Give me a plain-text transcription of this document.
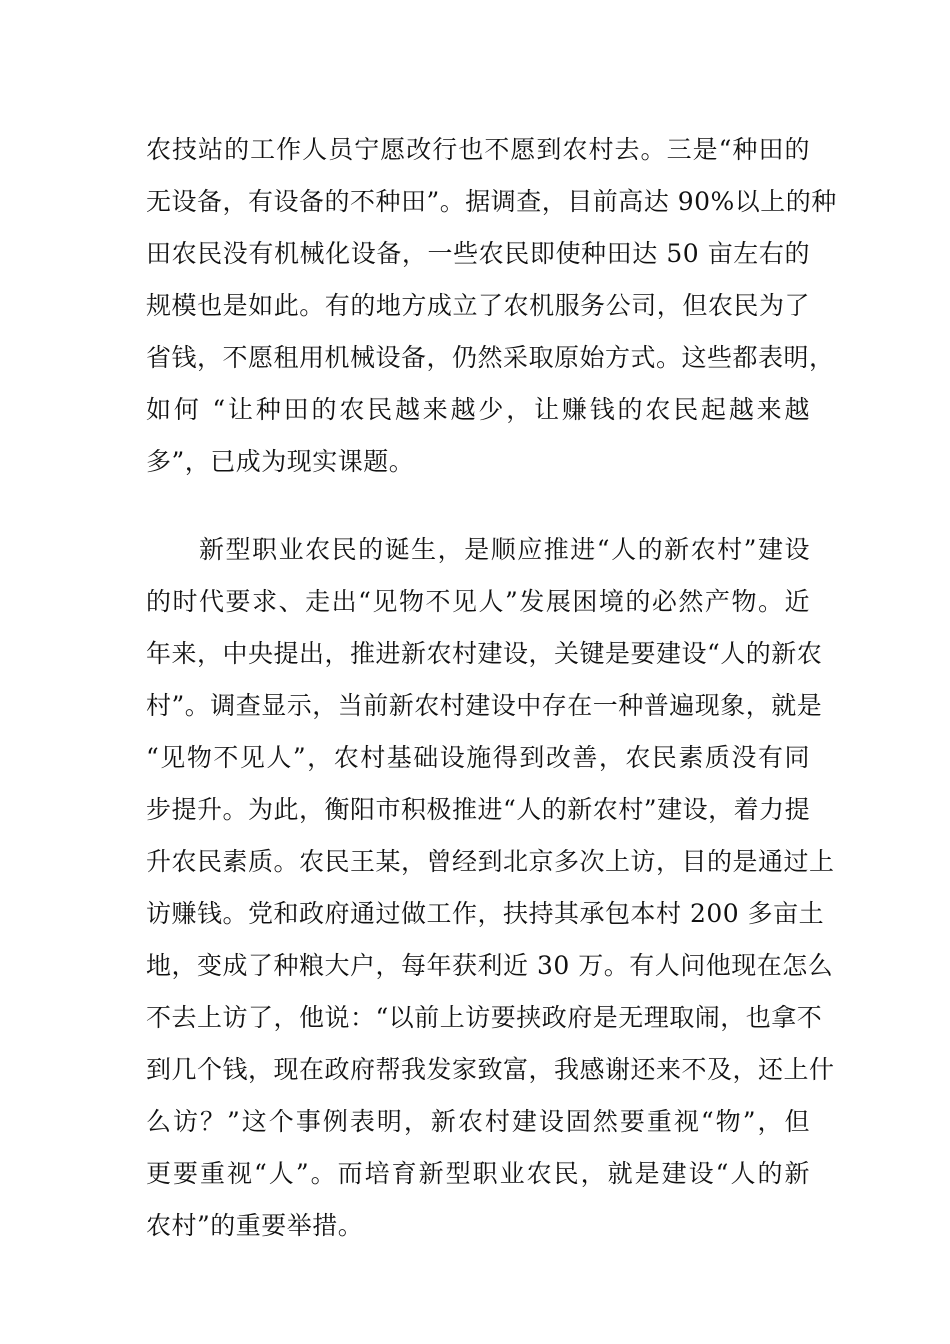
农技站的工作人员宁愿改行也不愿到农村去。三是“种田的
无设备，有设备的不种田”。据调查，目前高达 90%以上的种
田农民没有机械化设备，一些农民即使种田达 50 亩左右的
规模也是如此。有的地方成立了农机服务公司，但农民为了
省钱，不愿租用机械设备，仍然采取原始方式。这些都表明，
如何 “让种田的农民越来越少，让赚钱的农民起越来越
多”，已成为现实课题。
　　新型职业农民的诞生，是顺应推进“人的新农村”建设
的时代要求、走出“见物不见人”发展困境的必然产物。近
年来，中央提出，推进新农村建设，关键是要建设“人的新农
村”。调查显示，当前新农村建设中存在一种普遍现象，就是
“见物不见人”，农村基础设施得到改善，农民素质没有同
步提升。为此，衡阳市积极推进“人的新农村”建设，着力提
升农民素质。农民王某，曾经到北京多次上访，目的是通过上
访赚钱。党和政府通过做工作，扶持其承包本村 200 多亩土
地，变成了种粮大户，每年获利近 30 万。有人问他现在怎么
不去上访了，他说：“以前上访要挟政府是无理取闹，也拿不
到几个钱，现在政府帮我发家致富，我感谢还来不及，还上什
么访？”这个事例表明，新农村建设固然要重视“物”，但
更要重视“人”。而培育新型职业农民，就是建设“人的新
农村”的重要举措。
